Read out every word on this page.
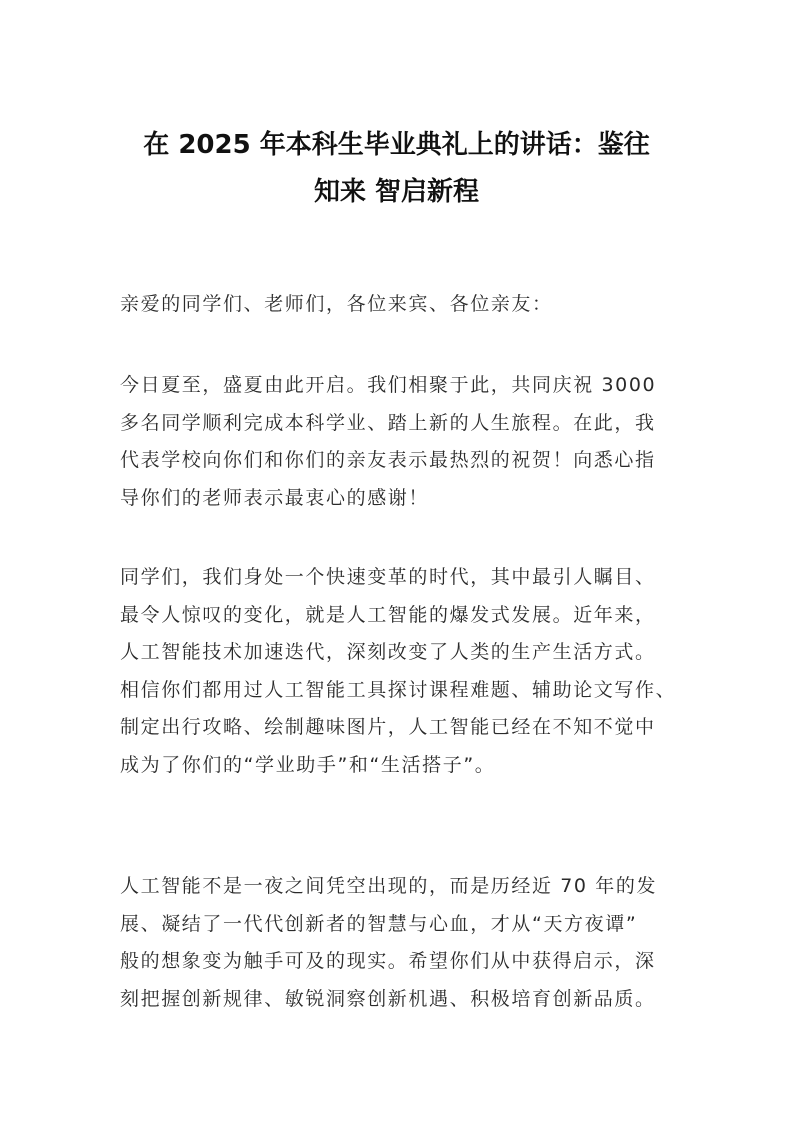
在 2025 年本科生毕业典礼上的讲话：鉴往
知来 智启新程
亲爱的同学们、老师们，各位来宾、各位亲友：
今日夏至，盛夏由此开启。我们相聚于此，共同庆祝 3000
多名同学顺利完成本科学业、踏上新的人生旅程。在此，我
代表学校向你们和你们的亲友表示最热烈的祝贺！向悉心指
导你们的老师表示最衷心的感谢！
同学们，我们身处一个快速变革的时代，其中最引人瞩目、
最令人惊叹的变化，就是人工智能的爆发式发展。近年来，
人工智能技术加速迭代，深刻改变了人类的生产生活方式。
相信你们都用过人工智能工具探讨课程难题、辅助论文写作、
制定出行攻略、绘制趣味图片，人工智能已经在不知不觉中
成为了你们的“学业助手”和“生活搭子”。
人工智能不是一夜之间凭空出现的，而是历经近 70 年的发
展、凝结了一代代创新者的智慧与心血，才从“天方夜谭”
般的想象变为触手可及的现实。希望你们从中获得启示，深
刻把握创新规律、敏锐洞察创新机遇、积极培育创新品质。
